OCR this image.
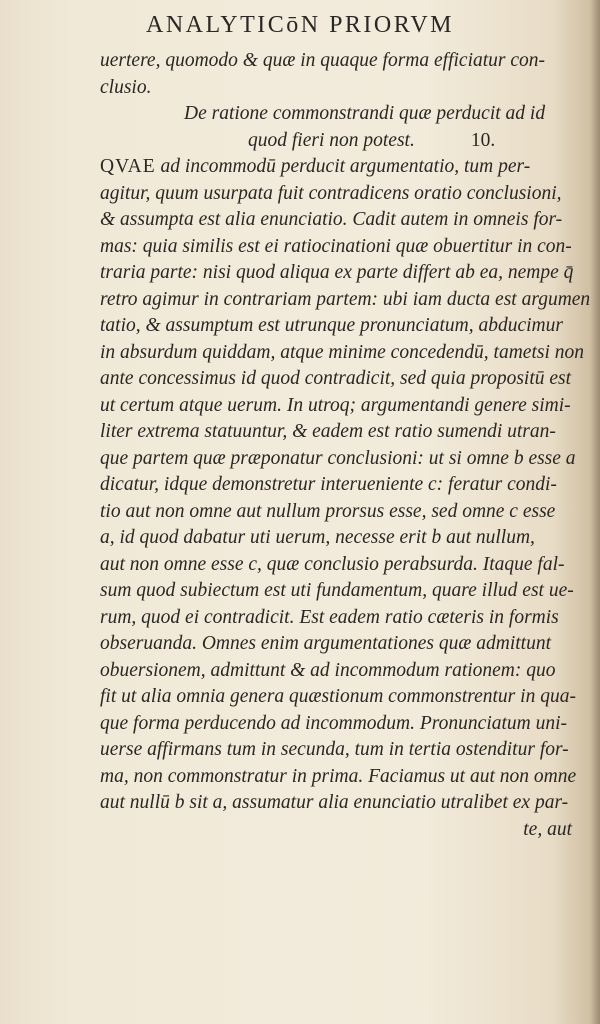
ANALYTICōN PRIORVM
uertere, quomodo & quæ in quaque forma efficiatur con-
clusio.
De ratione commonstrandi quæ perducit ad id
quod fieri non potest.	10.
QVAE ad incommodū perducit argumentatio, tum per-
agitur, quum usurpata fuit contradicens oratio conclusioni,
& assumpta est alia enunciatio. Cadit autem in omneis for-
mas: quia similis est ei ratiocinationi quæ obuertitur in con-
traria parte: nisi quod aliqua ex parte differt ab ea, nempe q̄
retro agimur in contrariam partem: ubi iam ducta est argumen
tatio, & assumptum est utrunque pronunciatum, abducimur
in absurdum quiddam, atque minime concedendū, tametsi non
ante concessimus id quod contradicit, sed quia propositū est
ut certum atque uerum. In utroq; argumentandi genere simi-
liter extrema statuuntur, & eadem est ratio sumendi utran-
que partem quæ præponatur conclusioni: ut si omne b esse a
dicatur, idque demonstretur interueniente c: feratur condi-
tio aut non omne aut nullum prorsus esse, sed omne c esse
a, id quod dabatur uti uerum, necesse erit b aut nullum,
aut non omne esse c, quæ conclusio perabsurda. Itaque fal-
sum quod subiectum est uti fundamentum, quare illud est ue-
rum, quod ei contradicit. Est eadem ratio cæteris in formis
obseruanda. Omnes enim argumentationes quæ admittunt
obuersionem, admittunt & ad incommodum rationem: quo
fit ut alia omnia genera quæstionum commonstrentur in qua-
que forma perducendo ad incommodum. Pronunciatum uni-
uerse affirmans tum in secunda, tum in tertia ostenditur for-
ma, non commonstratur in prima. Faciamus ut aut non omne
aut nullū b sit a, assumatur alia enunciatio utralibet ex par-
te, aut
